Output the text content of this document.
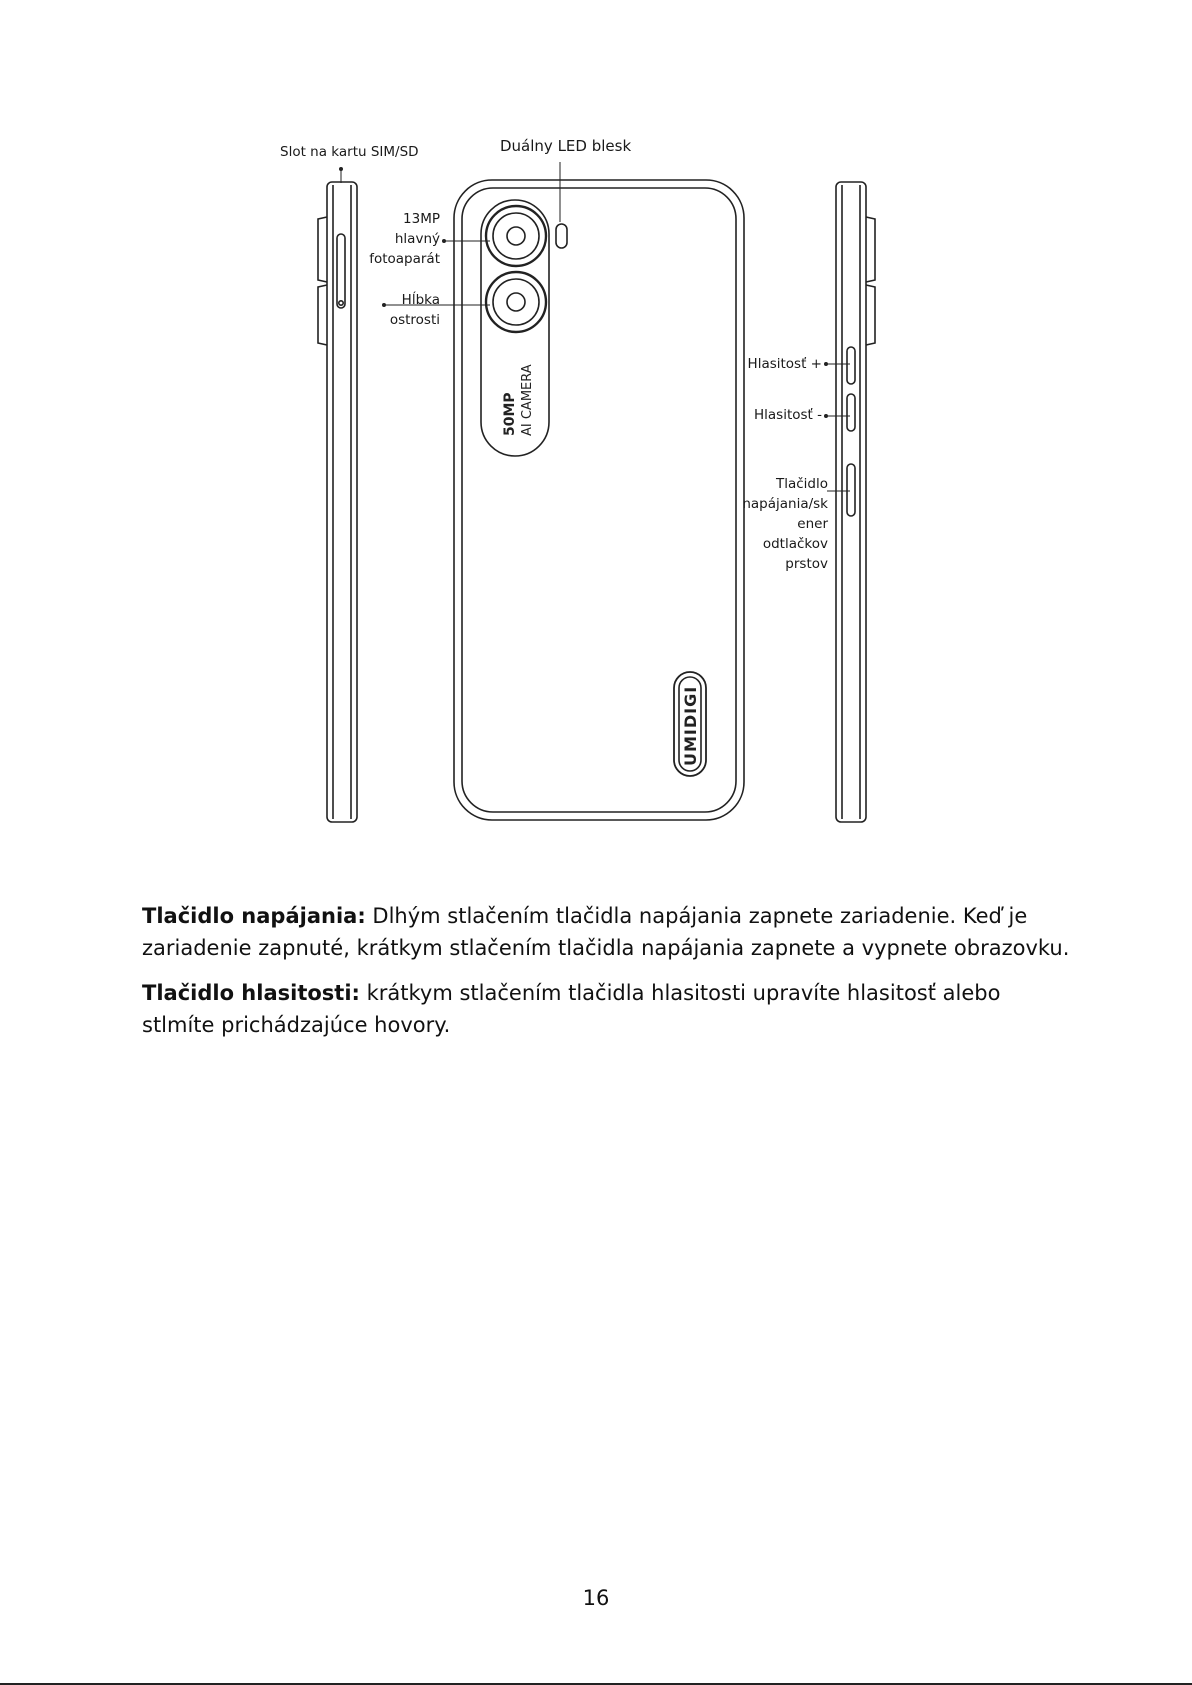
50MP AI CAMERA
UMIDIGI
Slot na kartu SIM/SD	Duálny LED blesk
13MP
hlavný
fotoaparát
Hĺbka
ostrosti
Hlasitosť +
Hlasitosť -
Tlačidlo
napájania/sk
ener
odtlačkov
prstov

Tlačidlo napájania: Dlhým stlačením tlačidla napájania zapnete zariadenie. Keď je zariadenie zapnuté, krátkym stlačením tlačidla napájania zapnete a vypnete obrazovku.

Tlačidlo hlasitosti: krátkym stlačením tlačidla hlasitosti upravíte hlasitosť alebo stlmíte prichádzajúce hovory.

16
